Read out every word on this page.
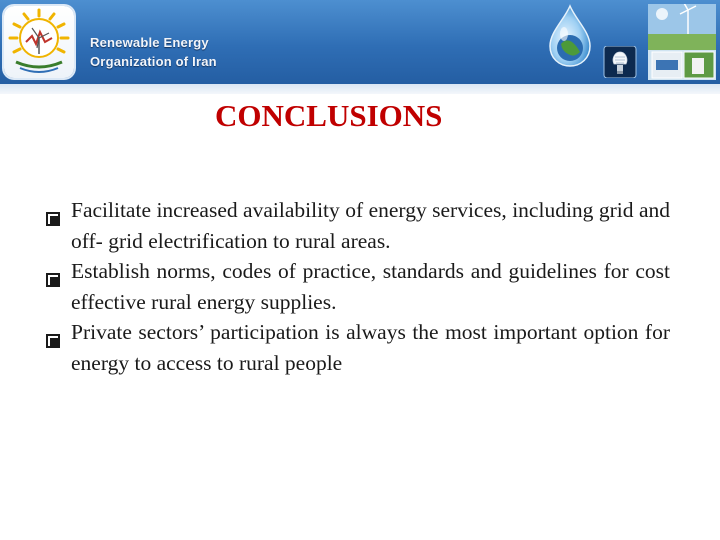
Renewable Energy
Organization of Iran
CONCLUSIONS
Facilitate increased availability of energy services, including grid and off- grid electrification to rural areas.
Establish norms, codes of practice, standards and guidelines for cost effective rural energy supplies.
Private sectors’ participation is always the most important option for energy to access to rural people
